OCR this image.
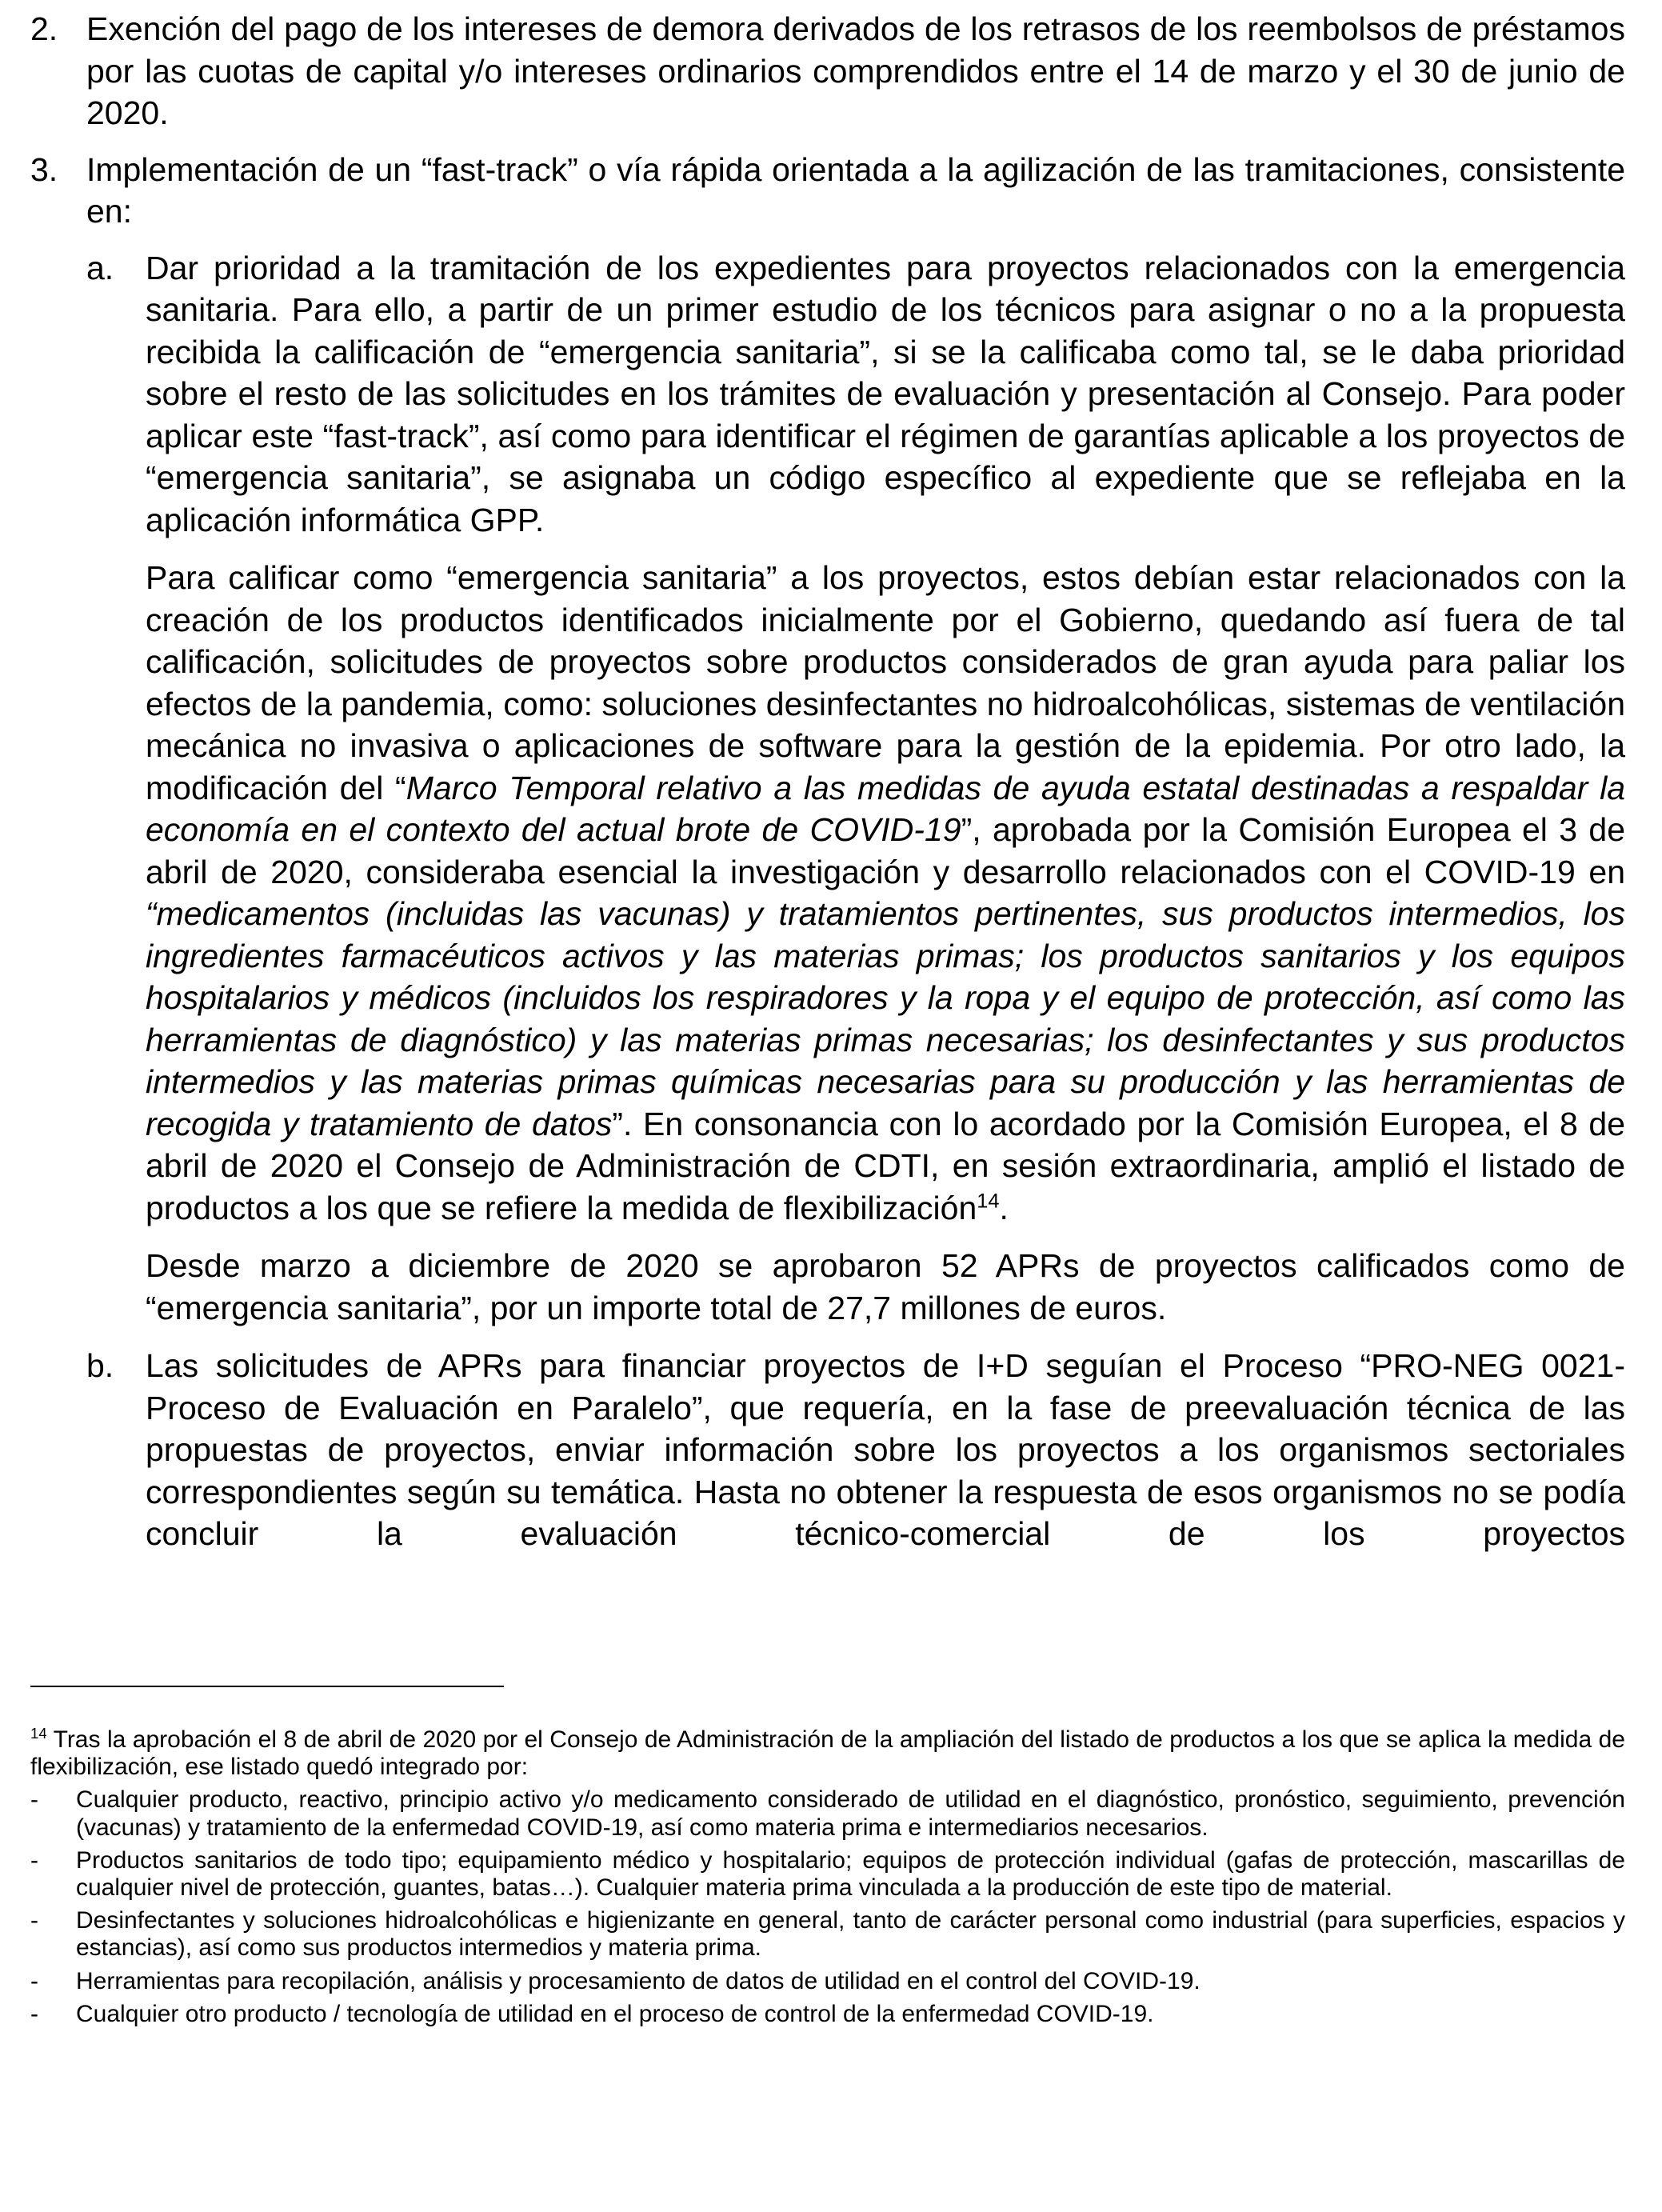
2. Exención del pago de los intereses de demora derivados de los retrasos de los reembolsos de préstamos por las cuotas de capital y/o intereses ordinarios comprendidos entre el 14 de marzo y el 30 de junio de 2020.

3. Implementación de un “fast-track” o vía rápida orientada a la agilización de las tramitaciones, consistente en:

a. Dar prioridad a la tramitación de los expedientes para proyectos relacionados con la emergencia sanitaria. Para ello, a partir de un primer estudio de los técnicos para asignar o no a la propuesta recibida la calificación de “emergencia sanitaria”, si se la calificaba como tal, se le daba prioridad sobre el resto de las solicitudes en los trámites de evaluación y presentación al Consejo. Para poder aplicar este “fast-track”, así como para identificar el régimen de garantías aplicable a los proyectos de “emergencia sanitaria”, se asignaba un código específico al expediente que se reflejaba en la aplicación informática GPP.

Para calificar como “emergencia sanitaria” a los proyectos, estos debían estar relacionados con la creación de los productos identificados inicialmente por el Gobierno, quedando así fuera de tal calificación, solicitudes de proyectos sobre productos considerados de gran ayuda para paliar los efectos de la pandemia, como: soluciones desinfectantes no hidroalcohólicas, sistemas de ventilación mecánica no invasiva o aplicaciones de software para la gestión de la epidemia. Por otro lado, la modificación del “Marco Temporal relativo a las medidas de ayuda estatal destinadas a respaldar la economía en el contexto del actual brote de COVID-19”, aprobada por la Comisión Europea el 3 de abril de 2020, consideraba esencial la investigación y desarrollo relacionados con el COVID-19 en “medicamentos (incluidas las vacunas) y tratamientos pertinentes, sus productos intermedios, los ingredientes farmacéuticos activos y las materias primas; los productos sanitarios y los equipos hospitalarios y médicos (incluidos los respiradores y la ropa y el equipo de protección, así como las herramientas de diagnóstico) y las materias primas necesarias; los desinfectantes y sus productos intermedios y las materias primas químicas necesarias para su producción y las herramientas de recogida y tratamiento de datos”. En consonancia con lo acordado por la Comisión Europea, el 8 de abril de 2020 el Consejo de Administración de CDTI, en sesión extraordinaria, amplió el listado de productos a los que se refiere la medida de flexibilización$^{14}$.

Desde marzo a diciembre de 2020 se aprobaron 52 APRs de proyectos calificados como de “emergencia sanitaria”, por un importe total de 27,7 millones de euros.

b. Las solicitudes de APRs para financiar proyectos de I+D seguían el Proceso “PRO-NEG 0021-Proceso de Evaluación en Paralelo”, que requería, en la fase de preevaluación técnica de las propuestas de proyectos, enviar información sobre los proyectos a los organismos sectoriales correspondientes según su temática. Hasta no obtener la respuesta de esos organismos no se podía concluir la evaluación técnico-comercial de los proyectos

$^{14}$ Tras la aprobación el 8 de abril de 2020 por el Consejo de Administración de la ampliación del listado de productos a los que se aplica la medida de flexibilización, ese listado quedó integrado por:

-	Cualquier producto, reactivo, principio activo y/o medicamento considerado de utilidad en el diagnóstico, pronóstico, seguimiento, prevención (vacunas) y tratamiento de la enfermedad COVID-19, así como materia prima e intermediarios necesarios.
-	Productos sanitarios de todo tipo; equipamiento médico y hospitalario; equipos de protección individual (gafas de protección, mascarillas de cualquier nivel de protección, guantes, batas…). Cualquier materia prima vinculada a la producción de este tipo de material.
-	Desinfectantes y soluciones hidroalcohólicas e higienizante en general, tanto de carácter personal como industrial (para superficies, espacios y estancias), así como sus productos intermedios y materia prima.
-	Herramientas para recopilación, análisis y procesamiento de datos de utilidad en el control del COVID-19.
-	Cualquier otro producto / tecnología de utilidad en el proceso de control de la enfermedad COVID-19.
